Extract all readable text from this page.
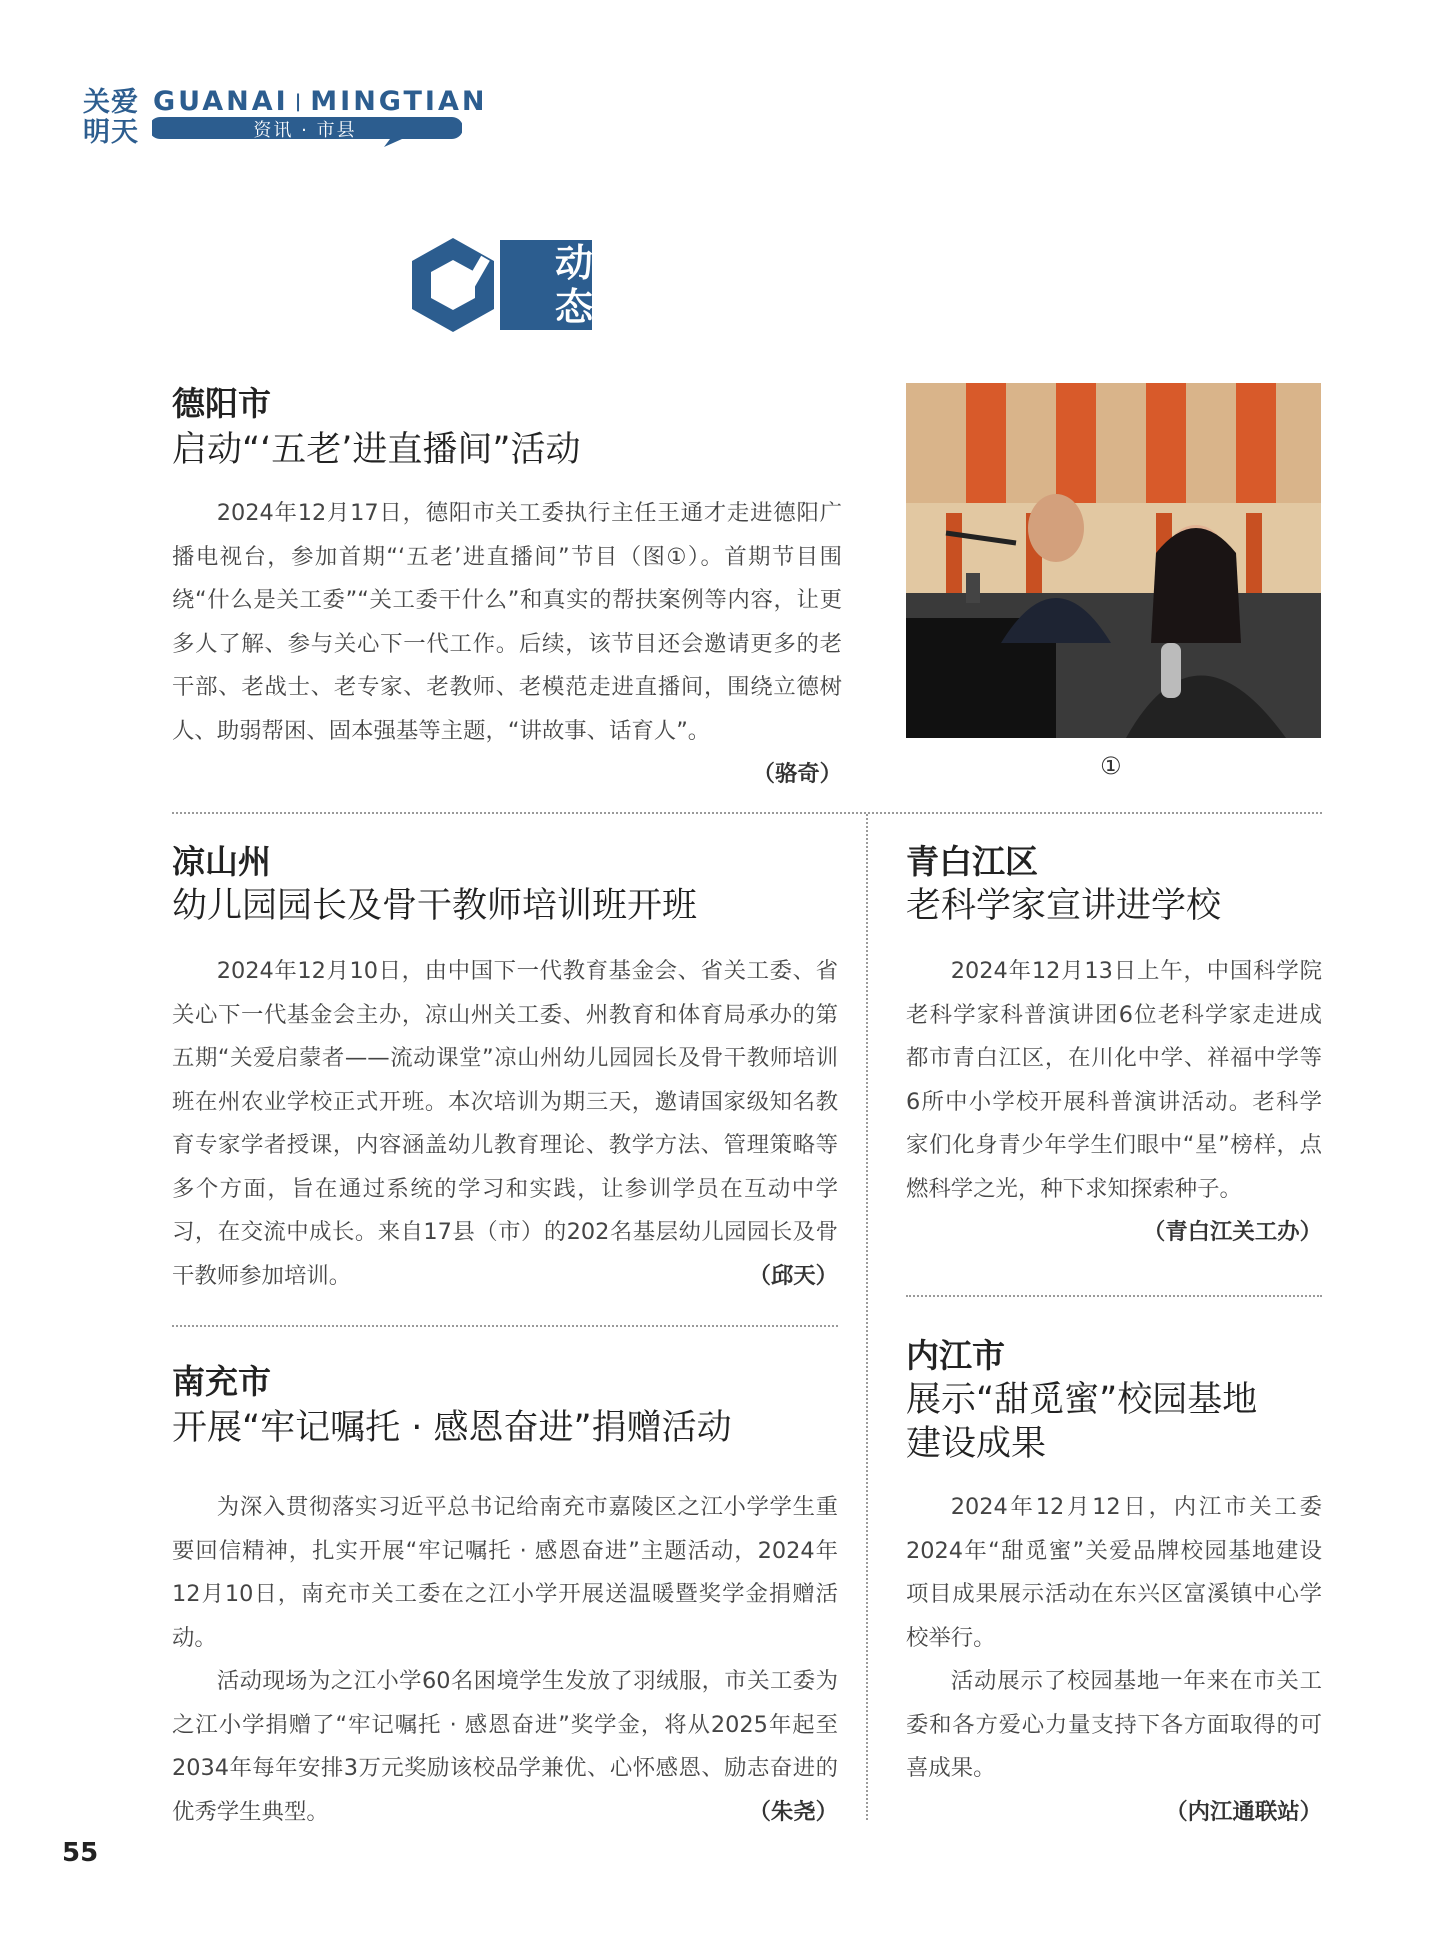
关爱明天
GUANAI | MINGTIAN
资讯 · 市县
动
态
德阳市
启动“‘五老’进直播间”活动

2024年12月17日，德阳市关工委执行主任王通才走进德阳广播电视台，参加首期“‘五老’进直播间”节目（图①）。首期节目围绕“什么是关工委”“关工委干什么”和真实的帮扶案例等内容，让更多人了解、参与关心下一代工作。后续，该节目还会邀请更多的老干部、老战士、老专家、老教师、老模范走进直播间，围绕立德树人、助弱帮困、固本强基等主题，“讲故事、话育人”。
（骆奇）	①
凉山州
幼儿园园长及骨干教师培训班开班

2024年12月10日，由中国下一代教育基金会、省关工委、省关心下一代基金会主办，凉山州关工委、州教育和体育局承办的第五期“关爱启蒙者——流动课堂”凉山州幼儿园园长及骨干教师培训班在州农业学校正式开班。本次培训为期三天，邀请国家级知名教育专家学者授课，内容涵盖幼儿教育理论、教学方法、管理策略等多个方面，旨在通过系统的学习和实践，让参训学员在互动中学习，在交流中成长。来自17县（市）的202名基层幼儿园园长及骨干教师参加培训。	（邱天）

青白江区
老科学家宣讲进学校

2024年12月13日上午，中国科学院老科学家科普演讲团6位老科学家走进成都市青白江区，在川化中学、祥福中学等6所中小学校开展科普演讲活动。老科学家们化身青少年学生们眼中“星”榜样，点燃科学之光，种下求知探索种子。
（青白江关工办）

南充市
开展“牢记嘱托 · 感恩奋进”捐赠活动

为深入贯彻落实习近平总书记给南充市嘉陵区之江小学学生重要回信精神，扎实开展“牢记嘱托 · 感恩奋进”主题活动，2024年12月10日，南充市关工委在之江小学开展送温暖暨奖学金捐赠活动。

活动现场为之江小学60名困境学生发放了羽绒服，市关工委为之江小学捐赠了“牢记嘱托 · 感恩奋进”奖学金，将从2025年起至2034年每年安排3万元奖励该校品学兼优、心怀感恩、励志奋进的优秀学生典型。	（朱尧）

内江市
展示“甜觅蜜”校园基地
建设成果

2024年12月12日，内江市关工委2024年“甜觅蜜”关爱品牌校园基地建设项目成果展示活动在东兴区富溪镇中心学校举行。

活动展示了校园基地一年来在市关工委和各方爱心力量支持下各方面取得的可喜成果。

（内江通联站）
55
